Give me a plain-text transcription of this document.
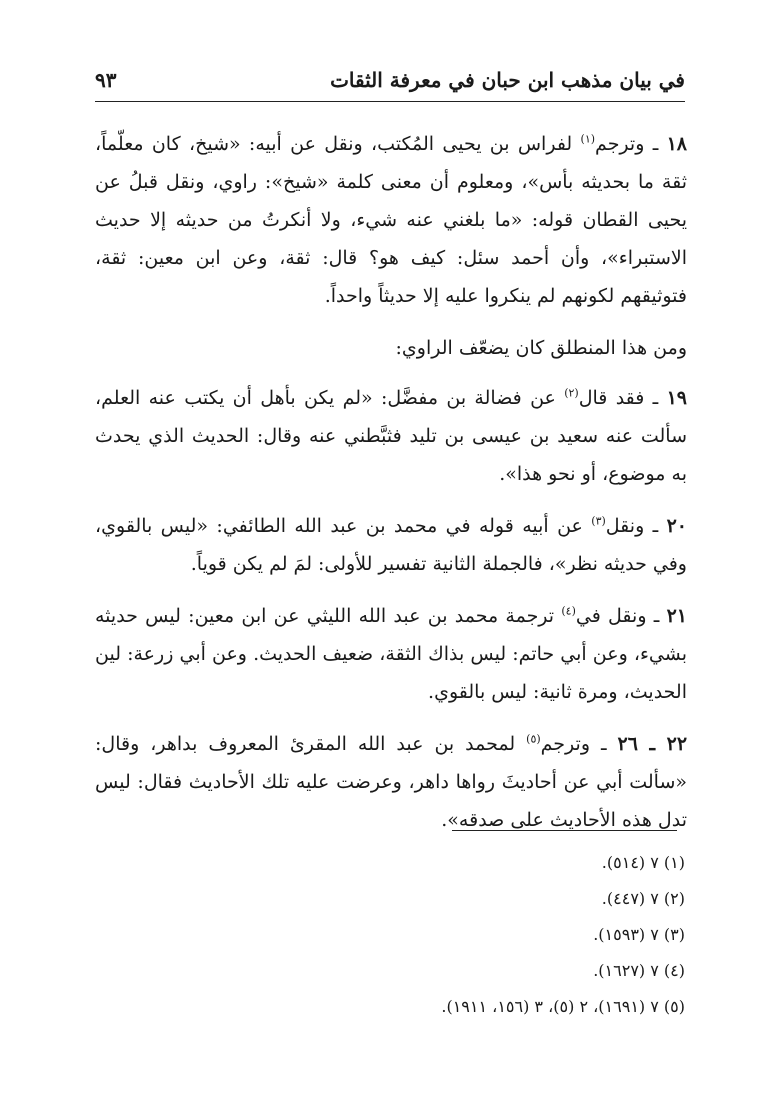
في بيان مذهب ابن حبان في معرفة الثقات
٩٣

١٨ ـ وترجم$^{(١)}$ لفراس بن يحيى المُكتب، ونقل عن أبيه: «شيخ، كان معلّماً، ثقة ما بحديثه بأس»، ومعلوم أن معنى كلمة «شيخ»: راوي، ونقل قبلُ عن يحيى القطان قوله: «ما بلغني عنه شيء، ولا أنكرتُ من حديثه إلا حديث الاستبراء»، وأن أحمد سئل: كيف هو؟ قال: ثقة، وعن ابن معين: ثقة، فتوثيقهم لكونهم لم ينكروا عليه إلا حديثاً واحداً.

ومن هذا المنطلق كان يضعّف الراوي:

١٩ ـ فقد قال$^{(٢)}$ عن فضالة بن مفضَّل: «لم يكن بأهل أن يكتب عنه العلم، سألت عنه سعيد بن عيسى بن تليد فثبَّطني عنه وقال: الحديث الذي يحدث به موضوع، أو نحو هذا».

٢٠ ـ ونقل$^{(٣)}$ عن أبيه قوله في محمد بن عبد الله الطائفي: «ليس بالقوي، وفي حديثه نظر»، فالجملة الثانية تفسير للأولى: لمَ لم يكن قوياً.

٢١ ـ ونقل في$^{(٤)}$ ترجمة محمد بن عبد الله الليثي عن ابن معين: ليس حديثه بشيء، وعن أبي حاتم: ليس بذاك الثقة، ضعيف الحديث. وعن أبي زرعة: لين الحديث، ومرة ثانية: ليس بالقوي.

٢٢ ـ ٢٦ ـ وترجم$^{(٥)}$ لمحمد بن عبد الله المقرئ المعروف بداهر، وقال: «سألت أبي عن أحاديثَ رواها داهر، وعرضت عليه تلك الأحاديث فقال: ليس تدل هذه الأحاديث على صدقه».

(١) ٧ (٥١٤).
(٢) ٧ (٤٤٧).
(٣) ٧ (١٥٩٣).
(٤) ٧ (١٦٢٧).
(٥) ٧ (١٦٩١)، ٢ (٥)، ٣ (١٥٦، ١٩١١).
